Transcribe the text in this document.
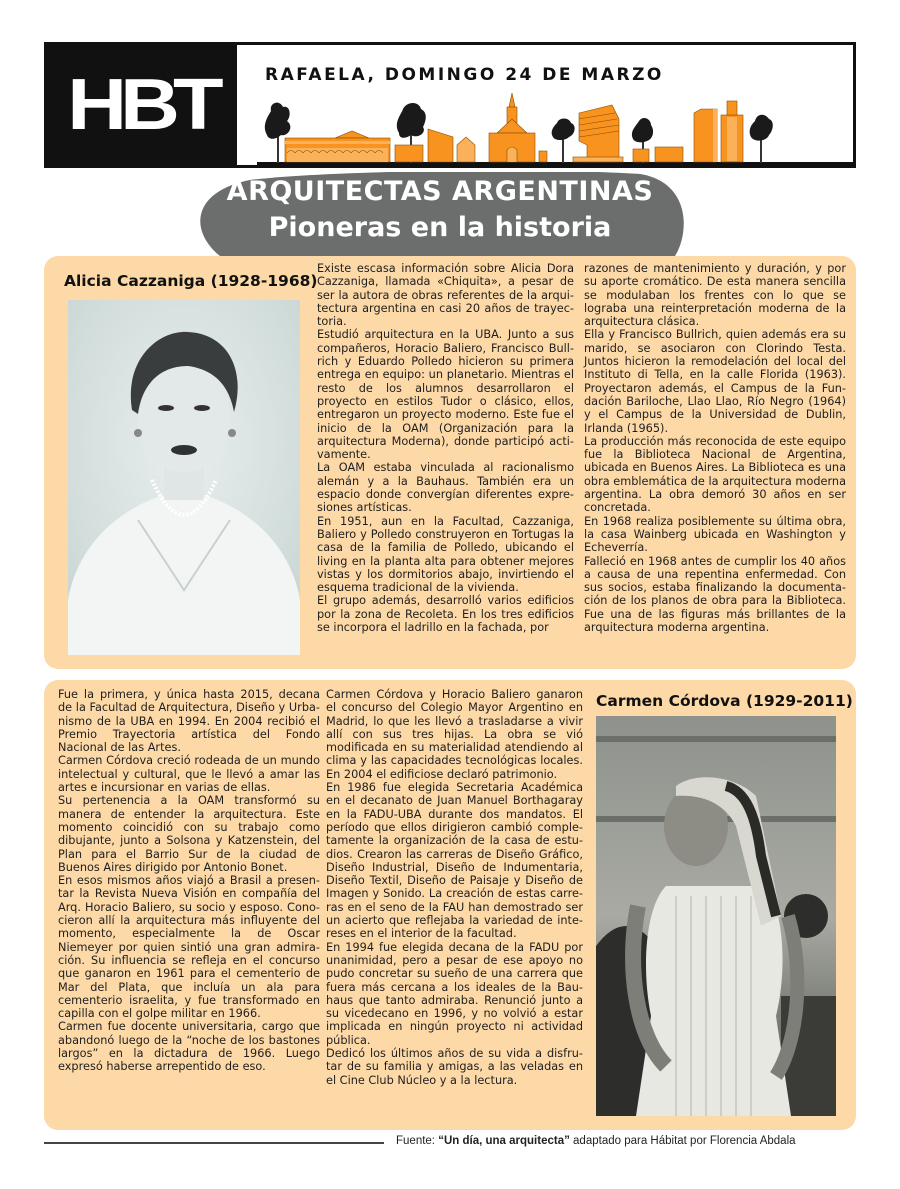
HBT	RAFAELA, DOMINGO 24 DE MARZO
ARQUITECTAS ARGENTINAS
Pioneras en la historia
Alicia Cazzaniga (1928-1968)

Existe escasa información sobre Alicia Dora Cazzaniga, llamada «Chiquita», a pesar de ser la autora de obras referentes de la arquitectura argentina en casi 20 años de trayectoria.

Estudió arquitectura en la UBA. Junto a sus compañeros, Horacio Baliero, Francisco Bullrich y Eduardo Polledo hicieron su primera entrega en equipo: un planetario. Mientras el resto de los alumnos desarrollaron el proyecto en estilos Tudor o clásico, ellos, entregaron un proyecto moderno. Este fue el inicio de la OAM (Organización para la arquitectura Moderna), donde participó activamente.

La OAM estaba vinculada al racionalismo alemán y a la Bauhaus. También era un espacio donde convergían diferentes expresiones artísticas.

En 1951, aun en la Facultad, Cazzaniga, Baliero y Polledo construyeron en Tortugas la casa de la familia de Polledo, ubicando el living en la planta alta para obtener mejores vistas y los dormitorios abajo, invirtiendo el esquema tradicional de la vivienda.

El grupo además, desarrolló varios edificios por la zona de Recoleta. En los tres edificios se incorpora el ladrillo en la fachada, por

razones de mantenimiento y duración, y por su aporte cromático. De esta manera sencilla se modulaban los frentes con lo que se lograba una reinterpretación moderna de la arquitectura clásica.

Ella y Francisco Bullrich, quien además era su marido, se asociaron con Clorindo Testa. Juntos hicieron la remodelación del local del Instituto di Tella, en la calle Florida (1963). Proyectaron además, el Campus de la Fundación Bariloche, Llao Llao, Río Negro (1964) y el Campus de la Universidad de Dublin, Irlanda (1965).

La producción más reconocida de este equipo fue la Biblioteca Nacional de Argentina, ubicada en Buenos Aires. La Biblioteca es una obra emblemática de la arquitectura moderna argentina. La obra demoró 30 años en ser concretada.

En 1968 realiza posiblemente su última obra, la casa Wainberg ubicada en Washington y Echeverría.

Falleció en 1968 antes de cumplir los 40 años a causa de una repentina enfermedad. Con sus socios, estaba finalizando la documentación de los planos de obra para la Biblioteca. Fue una de las figuras más brillantes de la arquitectura moderna argentina.

Fue la primera, y única hasta 2015, decana de la Facultad de Arquitectura, Diseño y Urbanismo de la UBA en 1994. En 2004 recibió el Premio Trayectoria artística del Fondo Nacional de las Artes.

Carmen Córdova creció rodeada de un mundo intelectual y cultural, que le llevó a amar las artes e incursionar en varias de ellas.

Su pertenencia a la OAM transformó su manera de entender la arquitectura. Este momento coincidió con su trabajo como dibujante, junto a Solsona y Katzenstein, del Plan para el Barrio Sur de la ciudad de Buenos Aires dirigido por Antonio Bonet.

En esos mismos años viajó a Brasil a presentar la Revista Nueva Visión en compañía del Arq. Horacio Baliero, su socio y esposo. Conocieron allí la arquitectura más influyente del momento, especialmente la de Oscar Niemeyer por quien sintió una gran admiración. Su influencia se refleja en el concurso que ganaron en 1961 para el cementerio de Mar del Plata, que incluía un ala para cementerio israelita, y fue transformado en capilla con el golpe militar en 1966.

Carmen fue docente universitaria, cargo que abandonó luego de la “noche de los bastones largos” en la dictadura de 1966. Luego expresó haberse arrepentido de eso.

Carmen Córdova y Horacio Baliero ganaron el concurso del Colegio Mayor Argentino en Madrid, lo que les llevó a trasladarse a vivir allí con sus tres hijas. La obra se vió modificada en su materialidad atendiendo al clima y las capacidades tecnológicas locales. En 2004 el edificiose declaró patrimonio.

En 1986 fue elegida Secretaria Académica en el decanato de Juan Manuel Borthagaray en la FADU-UBA durante dos mandatos. El período que ellos dirigieron cambió completamente la organización de la casa de estudios. Crearon las carreras de Diseño Gráfico, Diseño Industrial, Diseño de Indumentaria, Diseño Textil, Diseño de Paisaje y Diseño de Imagen y Sonido. La creación de estas carreras en el seno de la FAU han demostrado ser un acierto que reflejaba la variedad de intereses en el interior de la facultad.

En 1994 fue elegida decana de la FADU por unanimidad, pero a pesar de ese apoyo no pudo concretar su sueño de una carrera que fuera más cercana a los ideales de la Bauhaus que tanto admiraba. Renunció junto a su vicedecano en 1996, y no volvió a estar implicada en ningún proyecto ni actividad pública.

Dedicó los últimos años de su vida a disfrutar de su familia y amigas, a las veladas en el Cine Club Núcleo y a la lectura.

Carmen Córdova (1929-2011)
Fuente: “Un día, una arquitecta” adaptado para Hábitat por Florencia Abdala
